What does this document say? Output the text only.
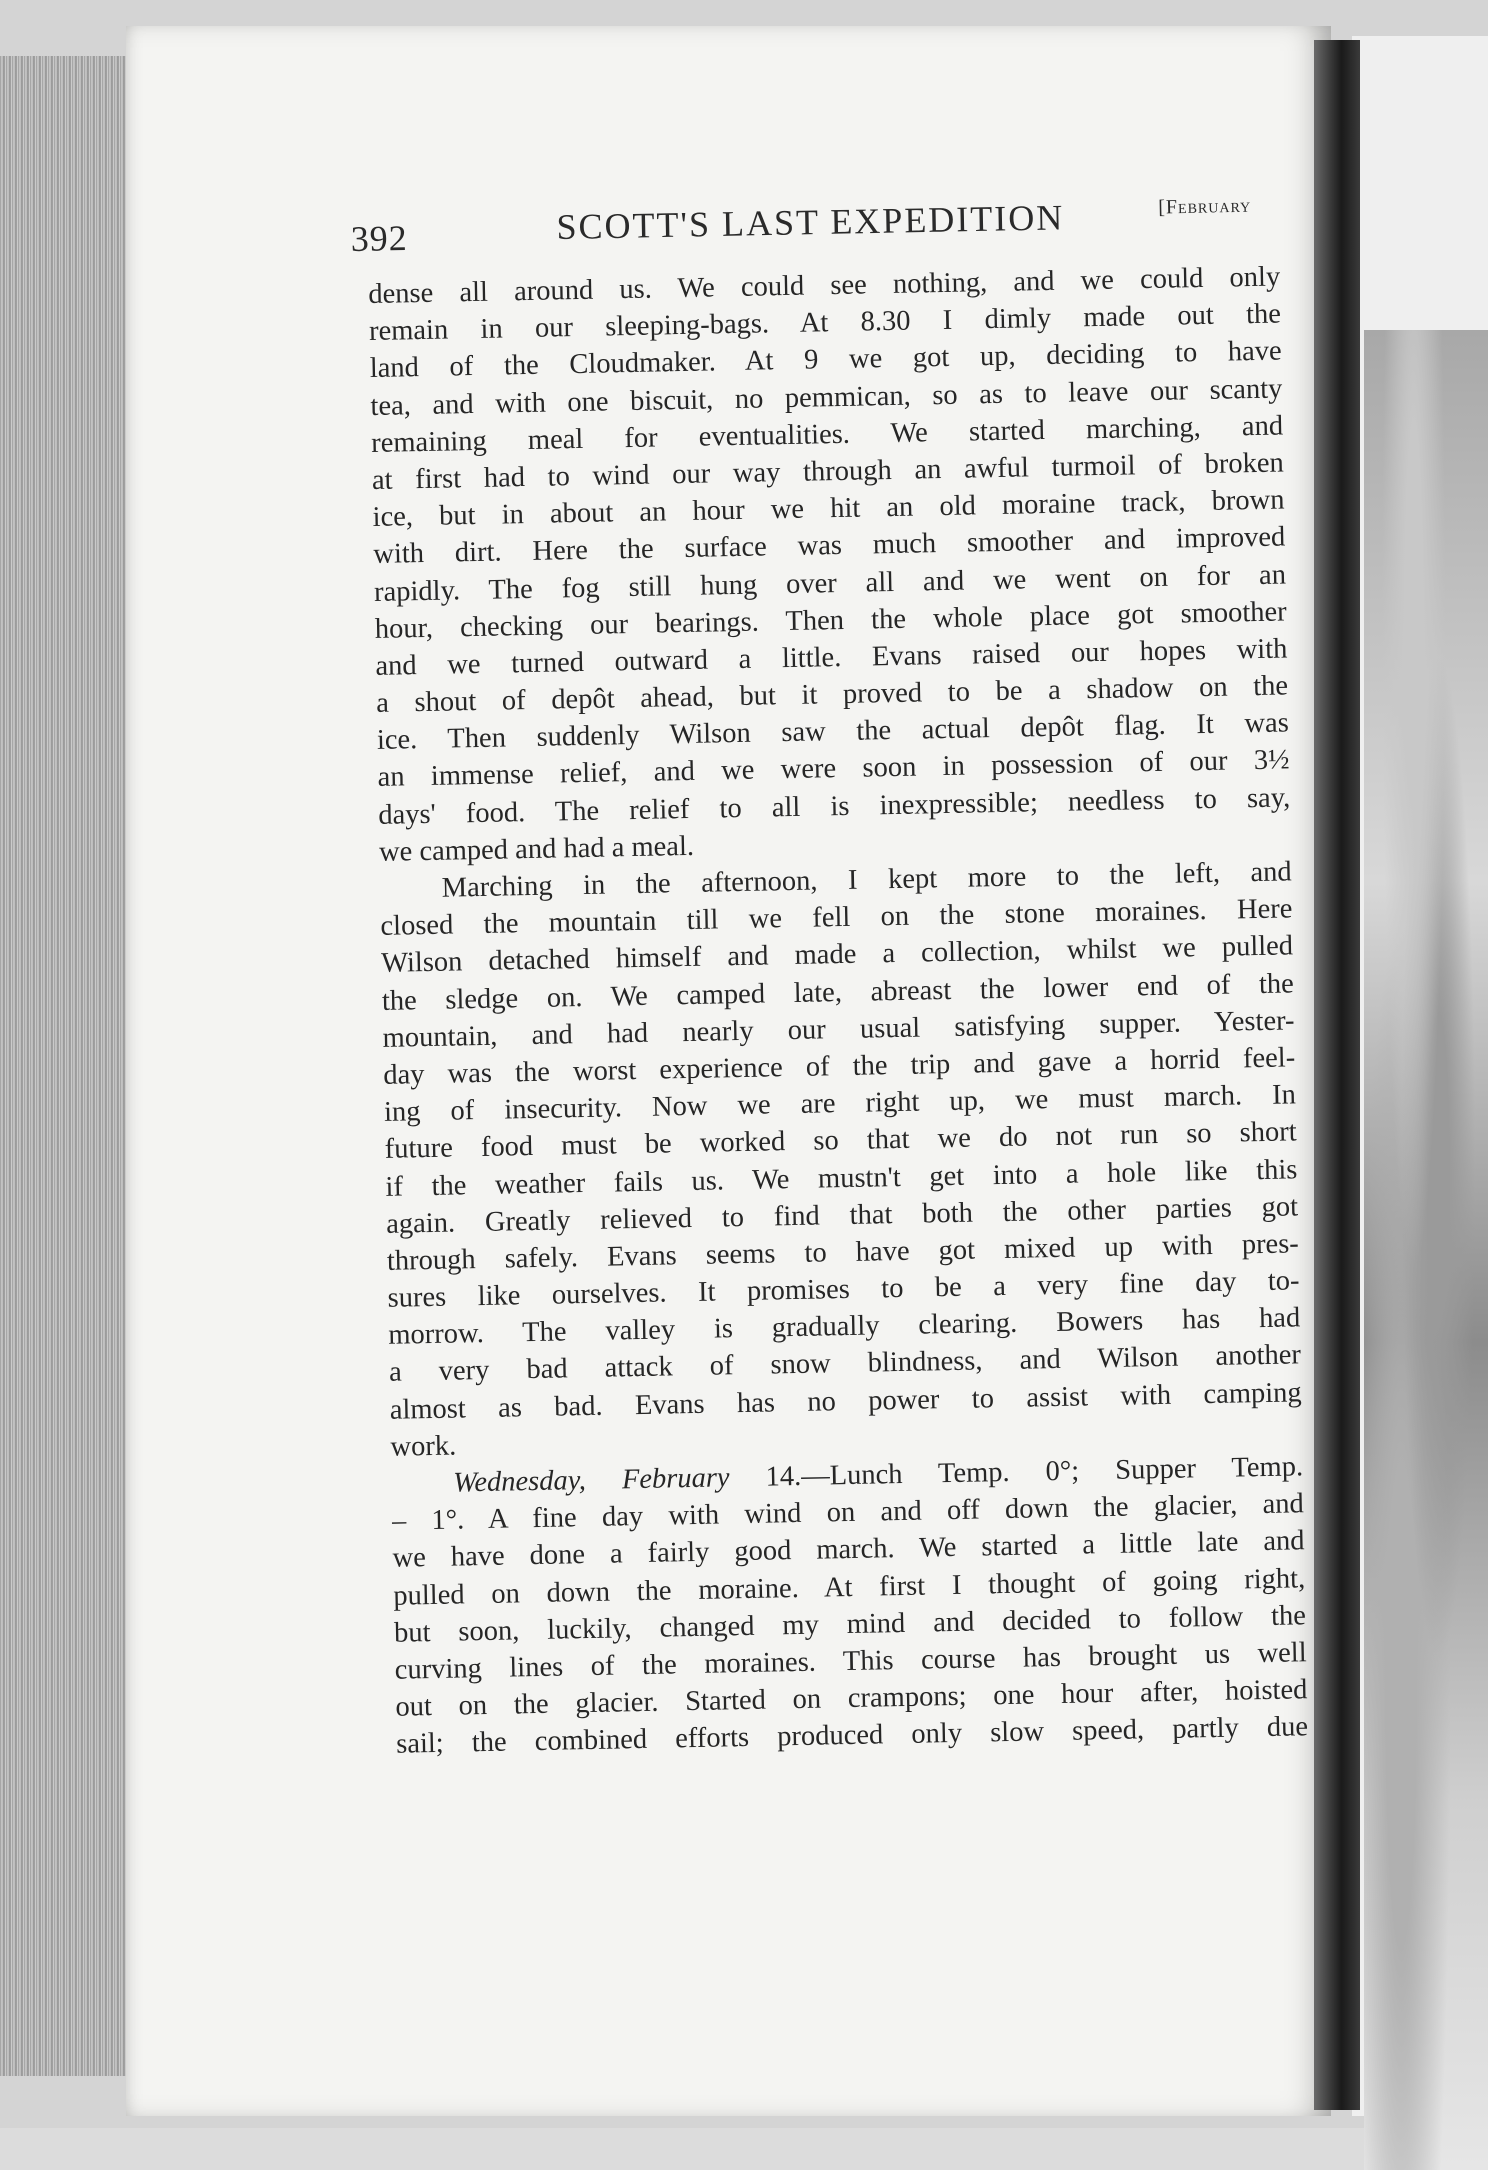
392	SCOTT'S LAST EXPEDITION	[February
dense all around us. We could see nothing, and we could only
remain in our sleeping-bags. At 8.30 I dimly made out the
land of the Cloudmaker. At 9 we got up, deciding to have
tea, and with one biscuit, no pemmican, so as to leave our scanty
remaining meal for eventualities. We started marching, and
at first had to wind our way through an awful turmoil of broken
ice, but in about an hour we hit an old moraine track, brown
with dirt. Here the surface was much smoother and improved
rapidly. The fog still hung over all and we went on for an
hour, checking our bearings. Then the whole place got smoother
and we turned outward a little. Evans raised our hopes with
a shout of depôt ahead, but it proved to be a shadow on the
ice. Then suddenly Wilson saw the actual depôt flag. It was
an immense relief, and we were soon in possession of our 3½
days' food. The relief to all is inexpressible; needless to say,
we camped and had a meal.
Marching in the afternoon, I kept more to the left, and
closed the mountain till we fell on the stone moraines. Here
Wilson detached himself and made a collection, whilst we pulled
the sledge on. We camped late, abreast the lower end of the
mountain, and had nearly our usual satisfying supper. Yester-
day was the worst experience of the trip and gave a horrid feel-
ing of insecurity. Now we are right up, we must march. In
future food must be worked so that we do not run so short
if the weather fails us. We mustn't get into a hole like this
again. Greatly relieved to find that both the other parties got
through safely. Evans seems to have got mixed up with pres-
sures like ourselves. It promises to be a very fine day to-
morrow. The valley is gradually clearing. Bowers has had
a very bad attack of snow blindness, and Wilson another
almost as bad. Evans has no power to assist with camping
work.
Wednesday, February 14.—Lunch Temp. 0°; Supper Temp.
– 1°. A fine day with wind on and off down the glacier, and
we have done a fairly good march. We started a little late and
pulled on down the moraine. At first I thought of going right,
but soon, luckily, changed my mind and decided to follow the
curving lines of the moraines. This course has brought us well
out on the glacier. Started on crampons; one hour after, hoisted
sail; the combined efforts produced only slow speed, partly due
